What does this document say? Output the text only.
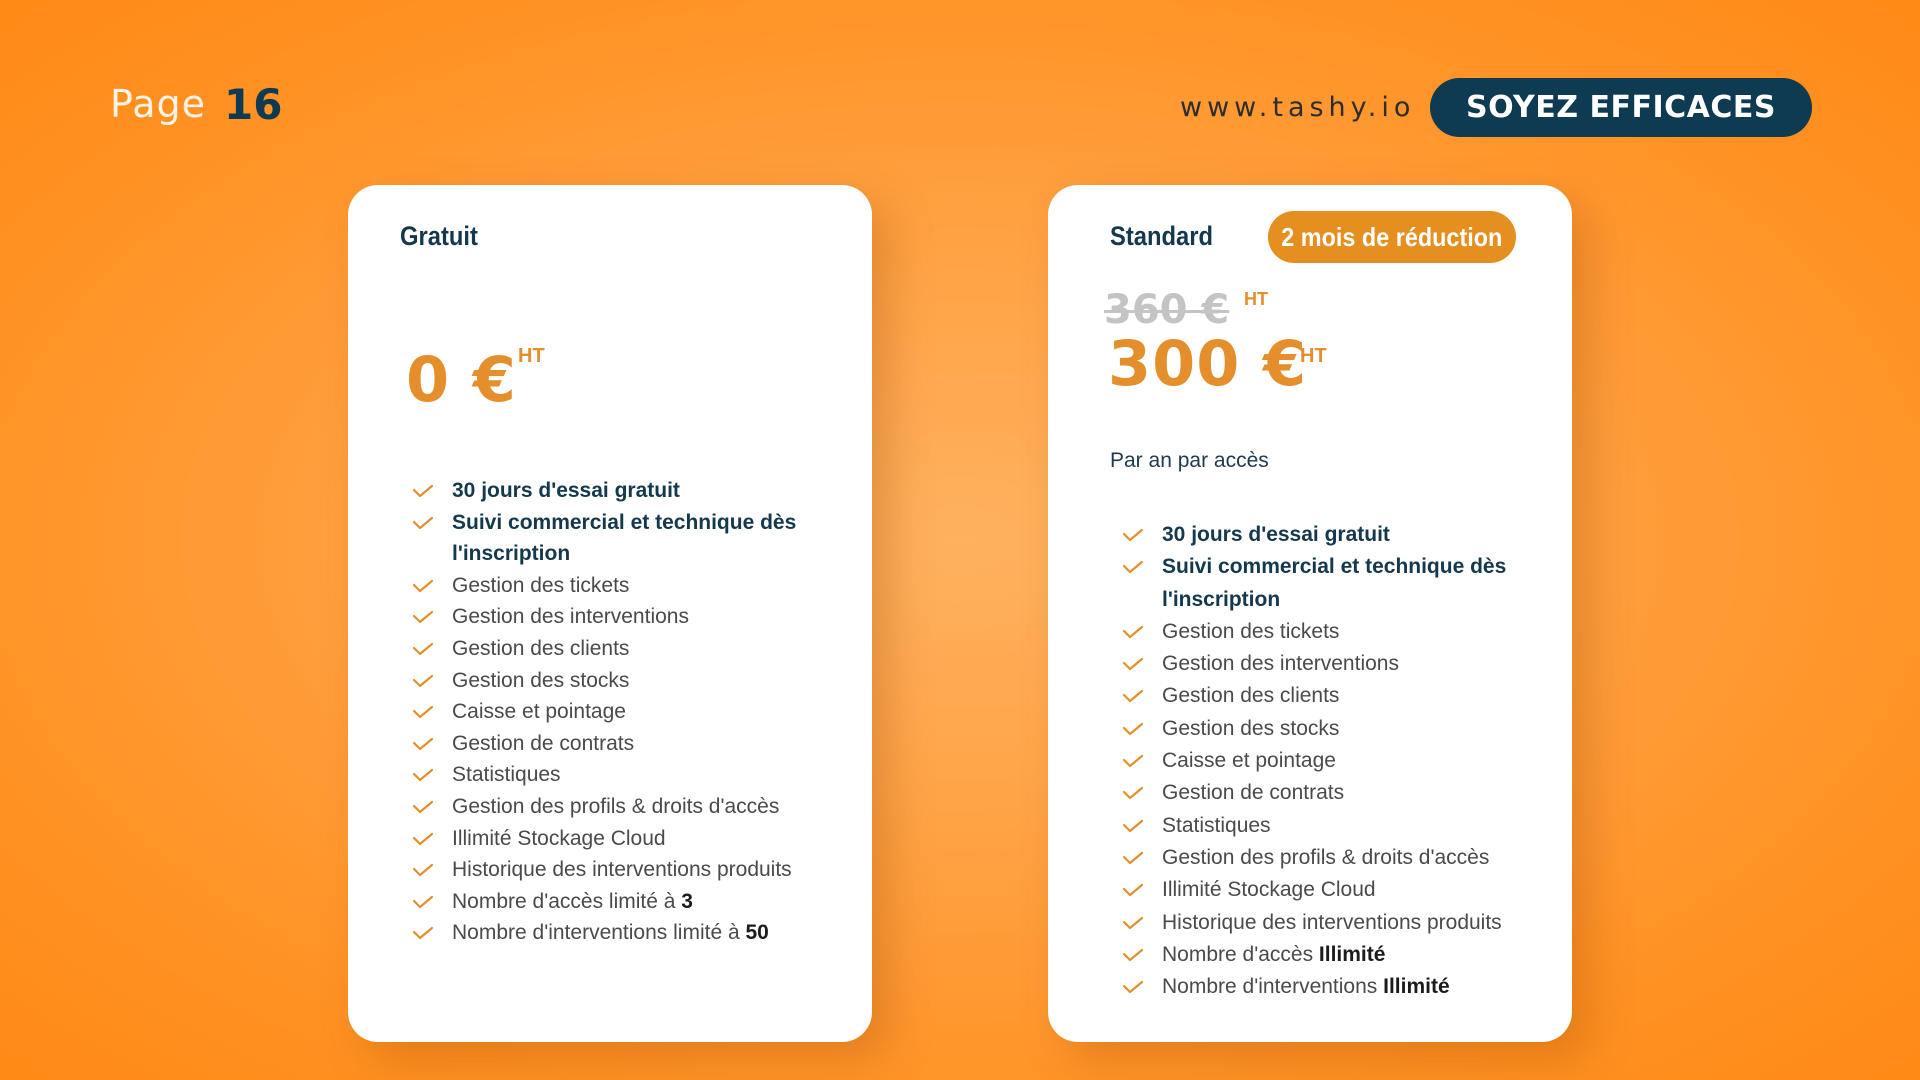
Page 16	www.tashy.io	SOYEZ EFFICACES
Gratuit
0 € HT
30 jours d'essai gratuit
Suivi commercial et technique dès
l'inscription
Gestion des tickets
Gestion des interventions
Gestion des clients
Gestion des stocks
Caisse et pointage
Gestion de contrats
Statistiques
Gestion des profils & droits d'accès
Illimité Stockage Cloud
Historique des interventions produits
Nombre d'accès limité à 3
Nombre d'interventions limité à 50
Standard	2 mois de réduction
360 € HT
300 €
HT
Par an par accès
30 jours d'essai gratuit
Suivi commercial et technique dès
l'inscription
Gestion des tickets
Gestion des interventions
Gestion des clients
Gestion des stocks
Caisse et pointage
Gestion de contrats
Statistiques
Gestion des profils & droits d'accès
Illimité Stockage Cloud
Historique des interventions produits
Nombre d'accès Illimité
Nombre d'interventions Illimité
